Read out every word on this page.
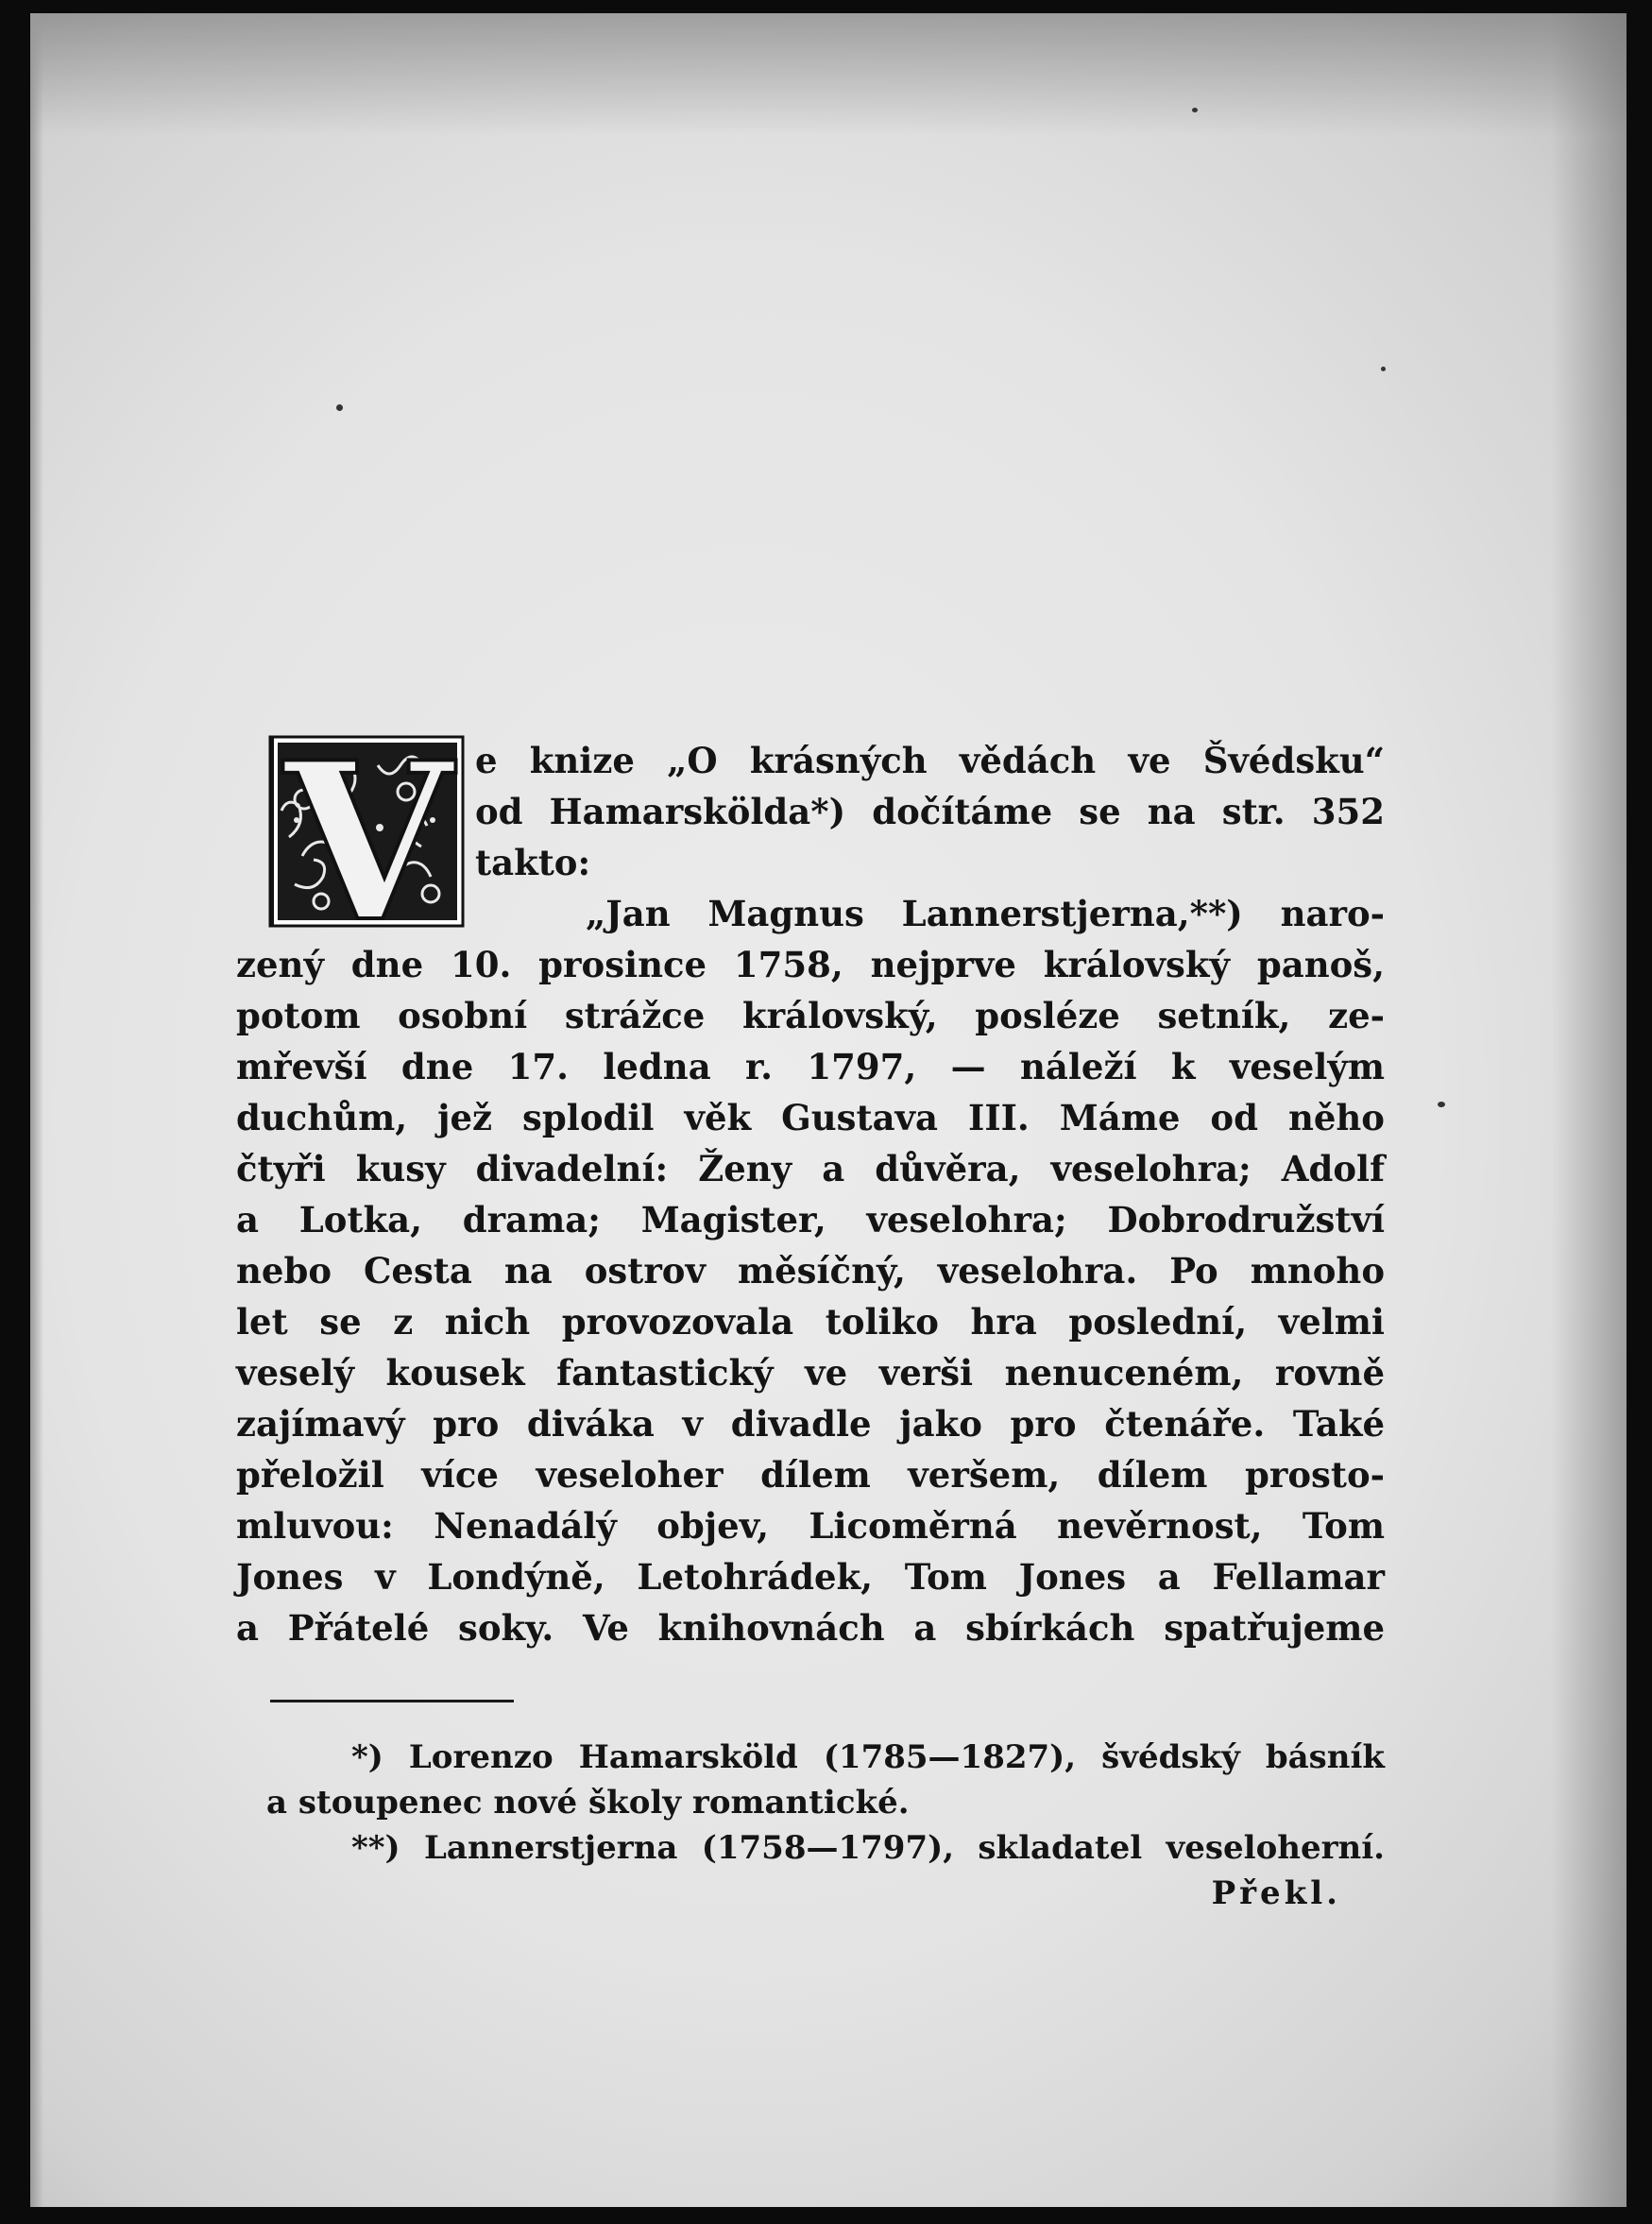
V e knize „O krásných vědách ve Švédsku“
od Hamarskölda*) dočítáme se na str. 352
takto:
„Jan Magnus Lannerstjerna,**) naro-
zený dne 10. prosince 1758, nejprve královský panoš,
potom osobní strážce královský, posléze setník, ze-
mřevší dne 17. ledna r. 1797, — náleží k veselým
duchům, jež splodil věk Gustava III. Máme od něho
čtyři kusy divadelní: Ženy a důvěra, veselohra; Adolf
a Lotka, drama; Magister, veselohra; Dobrodružství
nebo Cesta na ostrov měsíčný, veselohra. Po mnoho
let se z nich provozovala toliko hra poslední, velmi
veselý kousek fantastický ve verši nenuceném, rovně
zajímavý pro diváka v divadle jako pro čtenáře. Také
přeložil více veseloher dílem veršem, dílem prosto-
mluvou: Nenadálý objev, Licoměrná nevěrnost, Tom
Jones v Londýně, Letohrádek, Tom Jones a Fellamar
a Přátelé soky. Ve knihovnách a sbírkách spatřujeme
*) Lorenzo Hamarsköld (1785—1827), švédský básník
a stoupenec nové školy romantické.
**) Lannerstjerna (1758—1797), skladatel veseloherní.
Překl.
